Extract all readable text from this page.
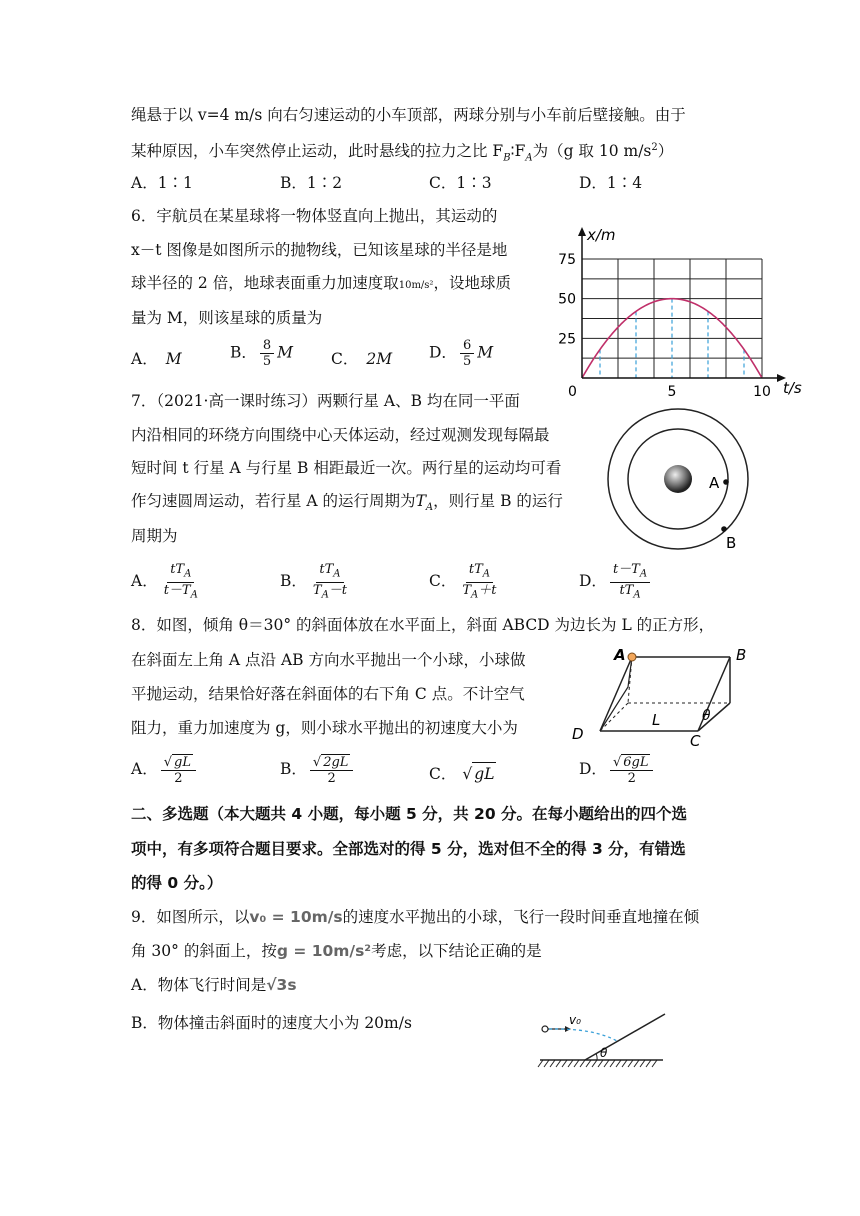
绳悬于以 v=4 m/s 向右匀速运动的小车顶部，两球分别与小车前后壁接触。由于
某种原因，小车突然停止运动，此时悬线的拉力之比 $F_B∶F_A$为（g 取 10 $m/s^2$）
A．1∶1	B．1∶2	C．1∶3	D．1∶4
6．宇航员在某星球将一物体竖直向上抛出，其运动的
x－t 图像是如图所示的抛物线，已知该星球的半径是地
球半径的 2 倍，地球表面重力加速度取10m/s²，设地球质
量为 M，则该星球的质量为
A． M	B． $\frac{8}{5}$ M C． 2M D． $\frac{6}{5}$ M
25
50
75
0	5	10
x/m
t/s
7．（2021·高一课时练习）两颗行星 A、B 均在同一平面
内沿相同的环绕方向围绕中心天体运动，经过观测发现每隔最
短时间 t 行星 A 与行星 B 相距最近一次。两行星的运动均可看
作匀速圆周运动，若行星 A 的运行周期为$T_A$，则行星 B 的运行
周期为
A
B
A． $\frac{tT_A}{t-T_A}$	B． $\frac{tT_A}{T_A-t}$	C． $\frac{tT_A}{T_A+t}$	D． $\frac{t-T_A}{tT_A}$
8．如图，倾角 θ＝30° 的斜面体放在水平面上，斜面 ABCD 为边长为 L 的正方形，
在斜面左上角 A 点沿 AB 方向水平抛出一个小球，小球做
平抛运动，结果恰好落在斜面体的右下角 C 点。不计空气
阻力，重力加速度为 g，则小球水平抛出的初速度大小为
A	B
C
D
L	θ
A． $\frac{√ gL}{2}$	B． $\frac{√ 2gL}{2}$	C． √ gL	D． $\frac{√ 6gL}{2}$
二、多选题（本大题共 4 小题，每小题 5 分，共 20 分。在每小题给出的四个选
项中，有多项符合题目要求。全部选对的得 5 分，选对但不全的得 3 分，有错选
的得 0 分。）
9．如图所示，以v₀ = 10m/s的速度水平抛出的小球，飞行一段时间垂直地撞在倾
角 30° 的斜面上，按g = 10m/s²考虑，以下结论正确的是
A．物体飞行时间是√3s
B．物体撞击斜面时的速度大小为 20m/s	v₀
θ
